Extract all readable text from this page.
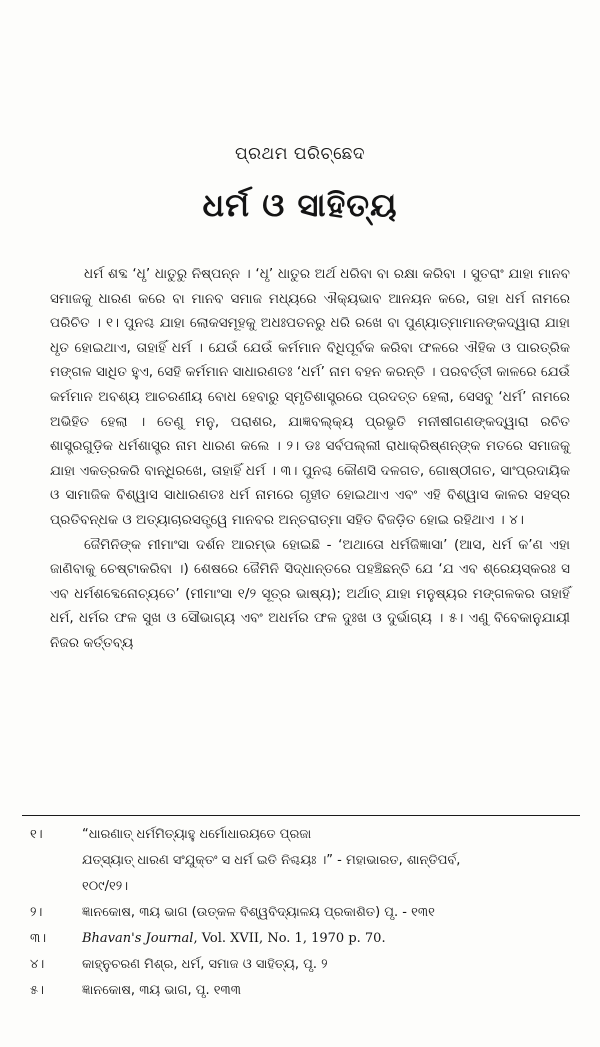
ପ୍ରଥମ ପରିଚ୍ଛେଦ
ଧର୍ମ ଓ ସାହିତ୍ୟ

ଧର୍ମ ଶବ୍ଦ ‘ଧୃ’ ଧାତୁରୁ ନିଷ୍ପନ୍ନ । ‘ଧୃ’ ଧାତୁର ଅର୍ଥ ଧରିବା ବା ରକ୍ଷା କରିବା । ସୁତରାଂ ଯାହା ମାନବ ସମାଜକୁ ଧାରଣ କରେ ବା ମାନବ ସମାଜ ମଧ୍ୟରେ ଐକ୍ୟଭାବ ଆନୟନ କରେ, ତାହା ଧର୍ମ ନାମରେ ପରିଚିତ । ୧। ପୁନଶ୍ଚ ଯାହା ଲୋକସମୂହକୁ ଅଧଃପତନରୁ ଧରି ରଖେ ବା ପୁଣ୍ୟାତ୍ମାମାନଙ୍କଦ୍ୱାରା ଯାହା ଧୃତ ହୋଇଥାଏ, ତାହାହିଁ ଧର୍ମ । ଯେଉଁ ଯେଉଁ କର୍ମମାନ ବିଧିପୂର୍ବକ କରିବା ଫଳରେ ଐହିକ ଓ ପାରତ୍ରିକ ମଙ୍ଗଳ ସାଧିତ ହୁଏ, ସେହି କର୍ମମାନ ସାଧାରଣତଃ ‘ଧର୍ମ’ ନାମ ବହନ କରନ୍ତି । ପରବର୍ତ୍ତୀ କାଳରେ ଯେଉଁ କର୍ମମାନ ଅବଶ୍ୟ ଆଚରଣୀୟ ବୋଧ ହେବାରୁ ସ୍ମୃତିଶାସ୍ତ୍ରରେ ପ୍ରଦତ୍ତ ହେଲା, ସେସବୁ ‘ଧର୍ମ’ ନାମରେ ଅଭିହିତ ହେଲା । ତେଣୁ ମନୁ, ପରାଶର, ଯାଜ୍ଞବଲ୍କ୍ୟ ପ୍ରଭୃତି ମନୀଷୀଗଣଙ୍କଦ୍ୱାରା ରଚିତ ଶାସ୍ତ୍ରଗୁଡ଼ିକ ଧର୍ମଶାସ୍ତ୍ର ନାମ ଧାରଣ କଲେ । ୨। ଡଃ ସର୍ବପଲ୍ଲୀ ରାଧାକ୍ରିଷ୍ଣନ୍‌ଙ୍କ ମତରେ ସମାଜକୁ ଯାହା ଏକତ୍ରକରି ବାନ୍ଧିରଖେ, ତାହାହିଁ ଧର୍ମ । ୩। ପୁନଶ୍ଚ କୌଣସି ଦଳଗତ, ଗୋଷ୍ଠୀଗତ, ସାଂପ୍ରଦାୟିକ ଓ ସାମାଜିକ ବିଶ୍ୱାସ ସାଧାରଣତଃ ଧର୍ମ ନାମରେ ଗୃହୀତ ହୋଇଥାଏ ଏବଂ ଏହି ବିଶ୍ୱାସ କାଳର ସହସ୍ର ପ୍ରତିବନ୍ଧକ ଓ ଅତ୍ୟାଚାରସତ୍ତ୍ୱେ ମାନବର ଅନ୍ତରାତ୍ମା ସହିତ ବିଜଡ଼ିତ ହୋଇ ରହିଥାଏ । ୪।

ଜୈମିନିଙ୍କ ମୀମାଂସା ଦର୍ଶନ ଆରମ୍ଭ ହୋଇଛି - ‘ଅଥାତୋ ଧର୍ମଜିଜ୍ଞାସା’ (ଆସ, ଧର୍ମ କ’ଣ ଏହା ଜାଣିବାକୁ ଚେଷ୍ଟାକରିବା ।) ଶେଷରେ ଜୈମିନି ସିଦ୍ଧାନ୍ତରେ ପହଞ୍ଚିଛନ୍ତି ଯେ ‘ଯ ଏବ ଶ୍ରେୟସ୍କରଃ ସ ଏବ ଧର୍ମଶବ୍ଦେନୋଚ୍ୟତେ’ (ମୀମାଂସା ୧/୨ ସୂତ୍ର ଭାଷ୍ୟ); ଅର୍ଥାତ୍ ଯାହା ମନୁଷ୍ୟର ମଙ୍ଗଳକର ତାହାହିଁ ଧର୍ମ, ଧର୍ମର ଫଳ ସୁଖ ଓ ସୌଭାଗ୍ୟ ଏବଂ ଅଧର୍ମର ଫଳ ଦୁଃଖ ଓ ଦୁର୍ଭାଗ୍ୟ । ୫। ଏଣୁ ବିବେକାନୁଯାୟୀ ନିଜର କର୍ତ୍ତବ୍ୟ

୧।	“ଧାରଣାତ୍ ଧର୍ମମିତ୍ୟାହୁ ଧର୍ମୋଧାରୟତେ ପ୍ରଜା
ଯତ୍‌ସ୍ୟାତ୍ ଧାରଣ ସଂଯୁକ୍ତଂ ସ ଧର୍ମ ଇତି ନିଶ୍ଚୟଃ ।” - ମହାଭାରତ, ଶାନ୍ତିପର୍ବ,
୧୦୯/୧୨।
୨।	ଜ୍ଞାନକୋଷ, ୩ୟ ଭାଗ (ଉତ୍କଳ ବିଶ୍ୱବିଦ୍ୟାଳୟ ପ୍ରକାଶିତ) ପୃ. - ୧୩୧
୩।	Bhavan's Journal, Vol. XVII, No. 1, 1970 p. 70.
୪।	କାହ୍ନୁଚରଣ ମିଶ୍ର, ଧର୍ମ, ସମାଜ ଓ ସାହିତ୍ୟ, ପୃ. ୨
୫।	ଜ୍ଞାନକୋଷ, ୩ୟ ଭାଗ, ପୃ. ୧୩୩
